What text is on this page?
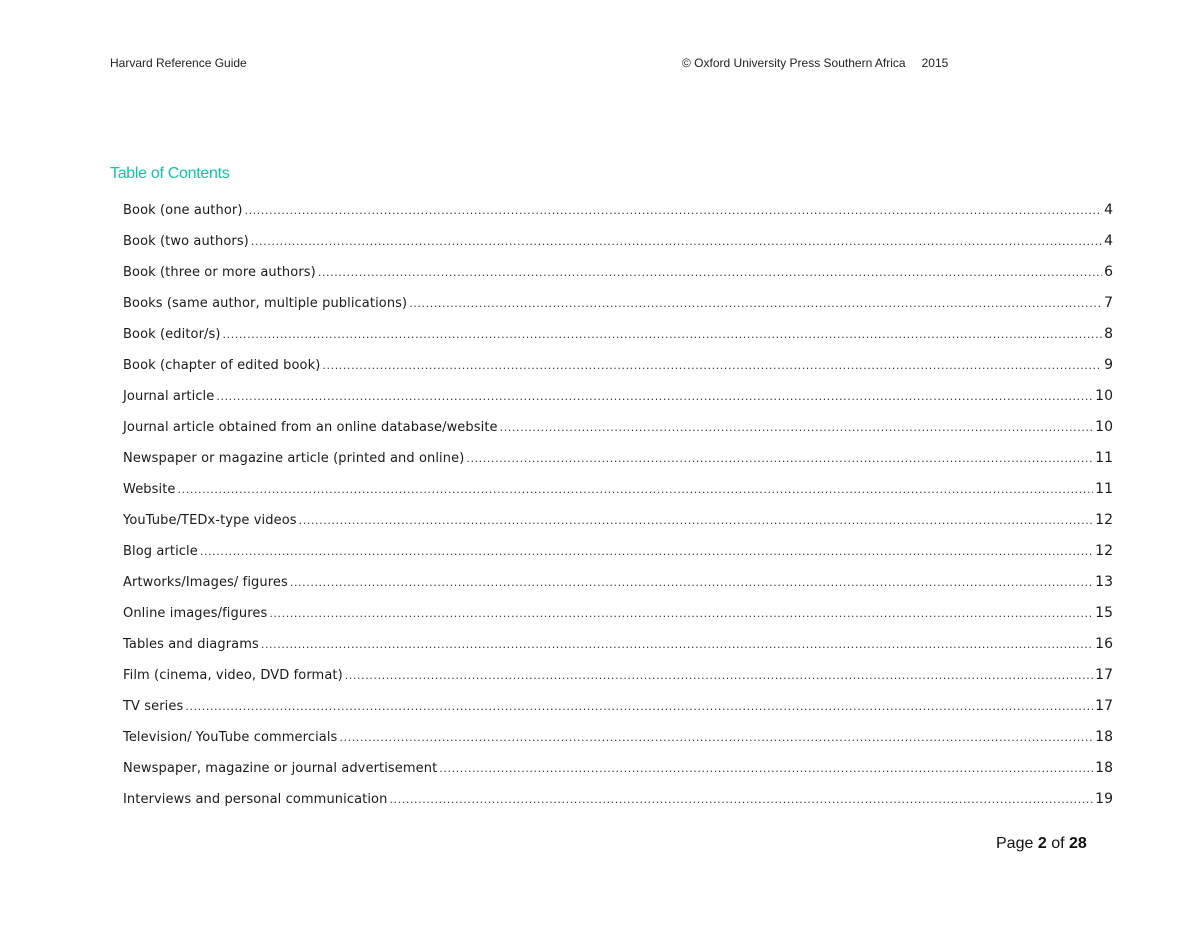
Harvard Reference Guide	© Oxford University Press Southern Africa 2015
Table of Contents
Book (one author) .....	4
Book (two authors) .....	4
Book (three or more authors) .....	6
Books (same author, multiple publications) .....	7
Book (editor/s) .....	8
Book (chapter of edited book) .....	9
Journal article .....	10
Journal article obtained from an online database/website .....	10
Newspaper or magazine article (printed and online) .....	11
Website .....	11
YouTube/TEDx-type videos .....	12
Blog article .....	12
Artworks/Images/ figures .....	13
Online images/figures .....	15
Tables and diagrams .....	16
Film (cinema, video, DVD format) .....	17
TV series .....	17
Television/ YouTube commercials .....	18
Newspaper, magazine or journal advertisement .....	18
Interviews and personal communication .....	19
Page 2 of 28
